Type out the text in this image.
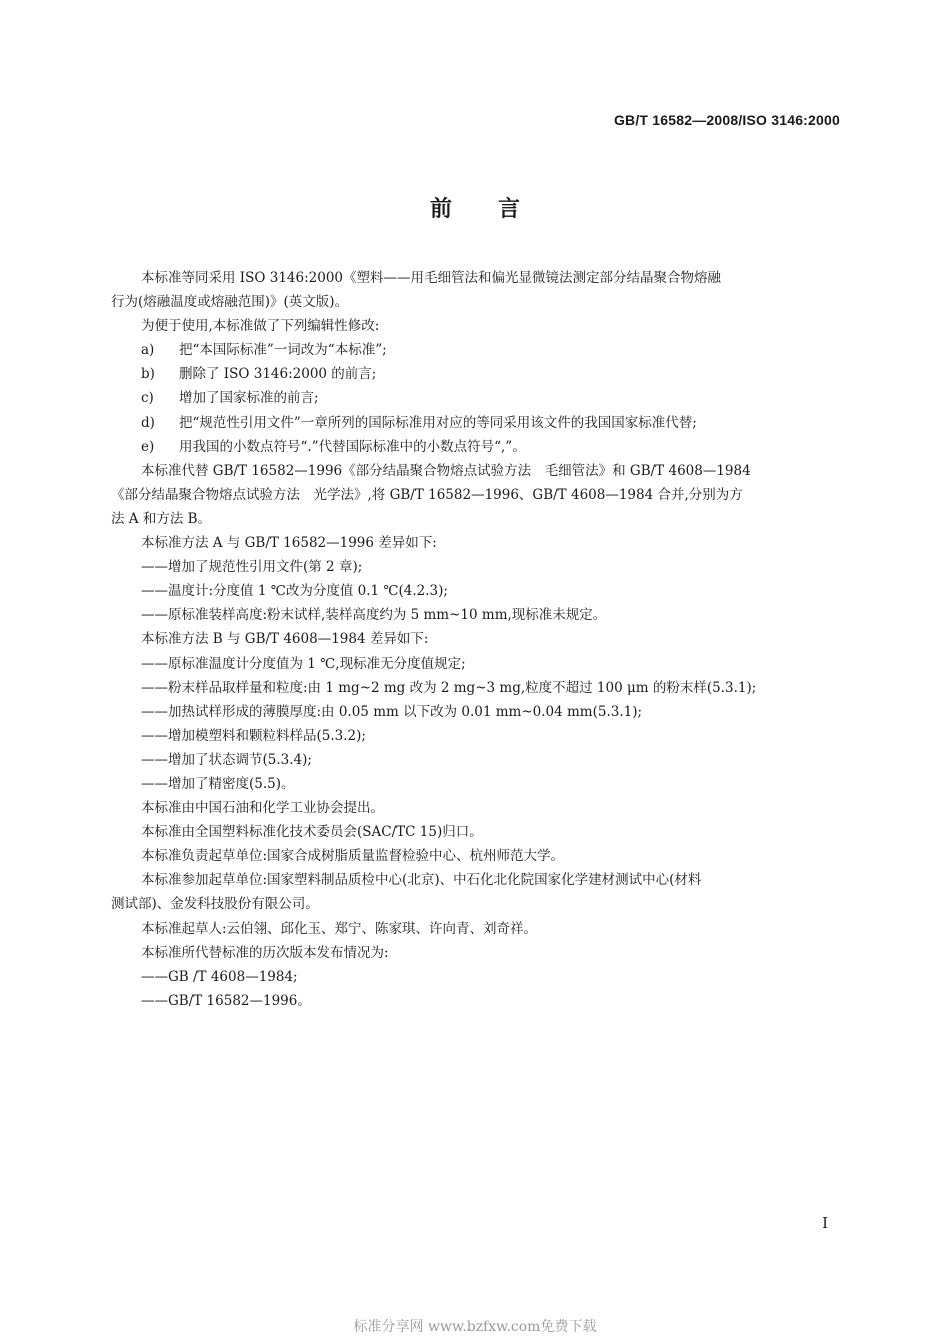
GB/T 16582—2008/ISO 3146:2000
前言

本标准等同采用 ISO 3146:2000《塑料——用毛细管法和偏光显微镜法测定部分结晶聚合物熔融

行为(熔融温度或熔融范围)》(英文版)。

为便于使用,本标准做了下列编辑性修改:

a) 把“本国际标准”一词改为“本标准”;

b) 删除了 ISO 3146:2000 的前言;

c) 增加了国家标准的前言;

d) 把“规范性引用文件”一章所列的国际标准用对应的等同采用该文件的我国国家标准代替;

e) 用我国的小数点符号“.”代替国际标准中的小数点符号“,”。

本标准代替 GB/T 16582—1996《部分结晶聚合物熔点试验方法　毛细管法》和 GB/T 4608—1984

《部分结晶聚合物熔点试验方法　光学法》,将 GB/T 16582—1996、GB/T 4608—1984 合并,分别为方

法 A 和方法 B。

本标准方法 A 与 GB/T 16582—1996 差异如下:

——增加了规范性引用文件(第 2 章);

——温度计:分度值 1 ℃改为分度值 0.1 ℃(4.2.3);

——原标准装样高度:粉末试样,装样高度约为 5 mm~10 mm,现标准未规定。

本标准方法 B 与 GB/T 4608—1984 差异如下:

——原标准温度计分度值为 1 ℃,现标准无分度值规定;

——粉末样品取样量和粒度:由 1 mg~2 mg 改为 2 mg~3 mg,粒度不超过 100 μm 的粉末样(5.3.1);

——加热试样形成的薄膜厚度:由 0.05 mm 以下改为 0.01 mm~0.04 mm(5.3.1);

——增加模塑料和颗粒料样品(5.3.2);

——增加了状态调节(5.3.4);

——增加了精密度(5.5)。

本标准由中国石油和化学工业协会提出。

本标准由全国塑料标准化技术委员会(SAC/TC 15)归口。

本标准负责起草单位:国家合成树脂质量监督检验中心、杭州师范大学。

本标准参加起草单位:国家塑料制品质检中心(北京)、中石化北化院国家化学建材测试中心(材料

测试部)、金发科技股份有限公司。

本标准起草人:云伯翎、邱化玉、郑宁、陈家琪、许向青、刘奇祥。

本标准所代替标准的历次版本发布情况为:

——GB /T 4608—1984;

——GB/T 16582—1996。

I
标准分享网 www.bzfxw.com免费下载
